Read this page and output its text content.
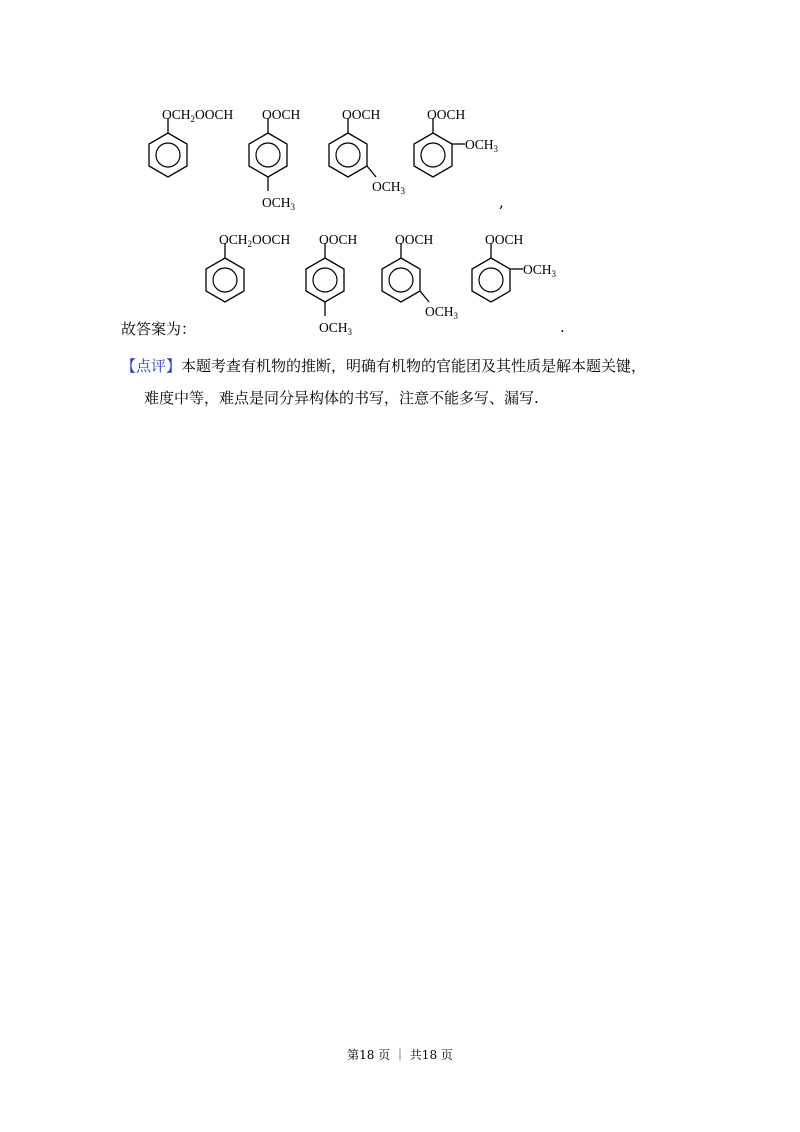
$OCH_2OOCH$ OOCH
$OCH_3$
OOCH
$OCH_3$
OOCH
$OCH_3$
,
$OCH_2OOCH$ OOCH
$OCH_3$
OOCH
$OCH_3$
OOCH
$OCH_3$
故答案为：	.
【点评】本题考查有机物的推断，明确有机物的官能团及其性质是解本题关键，
难度中等，难点是同分异构体的书写，注意不能多写、漏写.
第18 页 ｜ 共18 页
